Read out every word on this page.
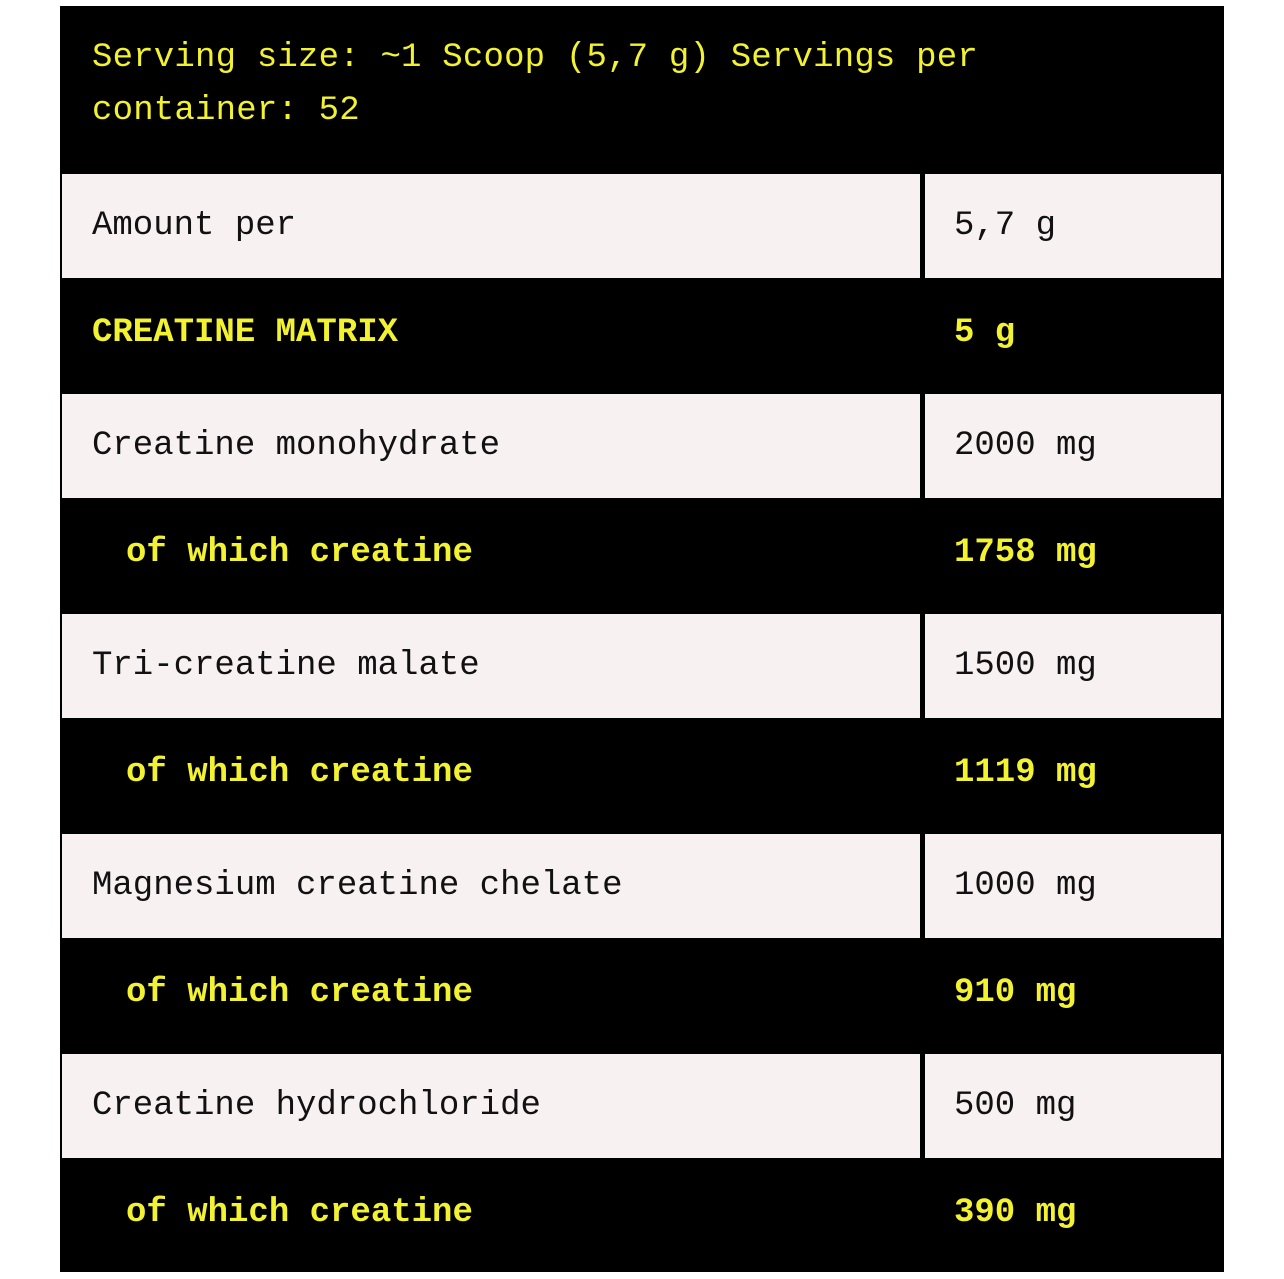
Serving size: ~1 Scoop (5,7 g) Servings per container: 52
Amount per	5,7 g
CREATINE MATRIX	5 g
Creatine monohydrate	2000 mg
of which creatine	1758 mg
Tri-creatine malate	1500 mg
of which creatine	1119 mg
Magnesium creatine chelate	1000 mg
of which creatine	910 mg
Creatine hydrochloride	500 mg
of which creatine	390 mg
